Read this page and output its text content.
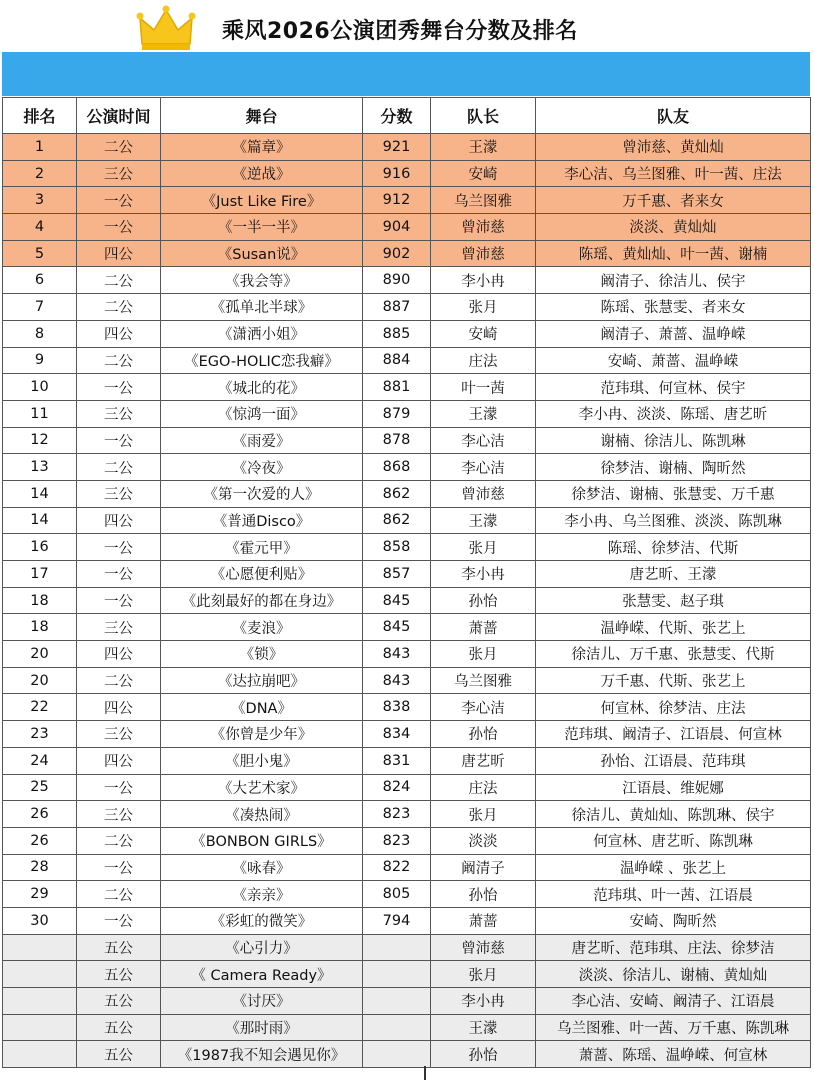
乘风2026公演团秀舞台分数及排名
排名	公演时间	舞台	分数	队长	队友
1	二公	《篇章》	921	王濛	曾沛慈、黄灿灿
2	三公	《逆战》	916	安崎	李心洁、乌兰图雅、叶一茜、庄法
3	一公	《Just Like Fire》	912	乌兰图雅	万千惠、者来女
4	一公	《一半一半》	904	曾沛慈	淡淡、黄灿灿
5	四公	《Susan说》	902	曾沛慈	陈瑶、黄灿灿、叶一茜、谢楠
6	二公	《我会等》	890	李小冉	阚清子、徐洁儿、侯宇
7	二公	《孤单北半球》	887	张月	陈瑶、张慧雯、者来女
8	四公	《潇洒小姐》	885	安崎	阚清子、萧蔷、温峥嵘
9	二公	《EGO-HOLIC恋我癖》	884	庄法	安崎、萧蔷、温峥嵘
10	一公	《城北的花》	881	叶一茜	范玮琪、何宣林、侯宇
11	三公	《惊鸿一面》	879	王濛	李小冉、淡淡、陈瑶、唐艺昕
12	一公	《雨爱》	878	李心洁	谢楠、徐洁儿、陈凯琳
13	二公	《冷夜》	868	李心洁	徐梦洁、谢楠、陶昕然
14	三公	《第一次爱的人》	862	曾沛慈	徐梦洁、谢楠、张慧雯、万千惠
14	四公	《普通Disco》	862	王濛	李小冉、乌兰图雅、淡淡、陈凯琳
16	一公	《霍元甲》	858	张月	陈瑶、徐梦洁、代斯
17	一公	《心愿便利贴》	857	李小冉	唐艺昕、王濛
18	一公	《此刻最好的都在身边》	845	孙怡	张慧雯、赵子琪
18	三公	《麦浪》	845	萧蔷	温峥嵘、代斯、张艺上
20	四公	《锁》	843	张月	徐洁儿、万千惠、张慧雯、代斯
20	二公	《达拉崩吧》	843	乌兰图雅	万千惠、代斯、张艺上
22	四公	《DNA》	838	李心洁	何宣林、徐梦洁、庄法
23	三公	《你曾是少年》	834	孙怡	范玮琪、阚清子、江语晨、何宣林
24	四公	《胆小鬼》	831	唐艺昕	孙怡、江语晨、范玮琪
25	一公	《大艺术家》	824	庄法	江语晨、维妮娜
26	三公	《凑热闹》	823	张月	徐洁儿、黄灿灿、陈凯琳、侯宇
26	二公	《BONBON GIRLS》	823	淡淡	何宣林、唐艺昕、陈凯琳
28	一公	《咏春》	822	阚清子	温峥嵘 、张艺上
29	二公	《亲亲》	805	孙怡	范玮琪、叶一茜、江语晨
30	一公	《彩虹的微笑》	794	萧蔷	安崎、陶昕然
	五公	《心引力》		曾沛慈	唐艺昕、范玮琪、庄法、徐梦洁
	五公	《 Camera Ready》		张月	淡淡、徐洁儿、谢楠、黄灿灿
	五公	《讨厌》		李小冉	李心洁、安崎、阚清子、江语晨
	五公	《那时雨》		王濛	乌兰图雅、叶一茜、万千惠、陈凯琳
	五公	《1987我不知会遇见你》		孙怡	萧蔷、陈瑶、温峥嵘、何宣林
